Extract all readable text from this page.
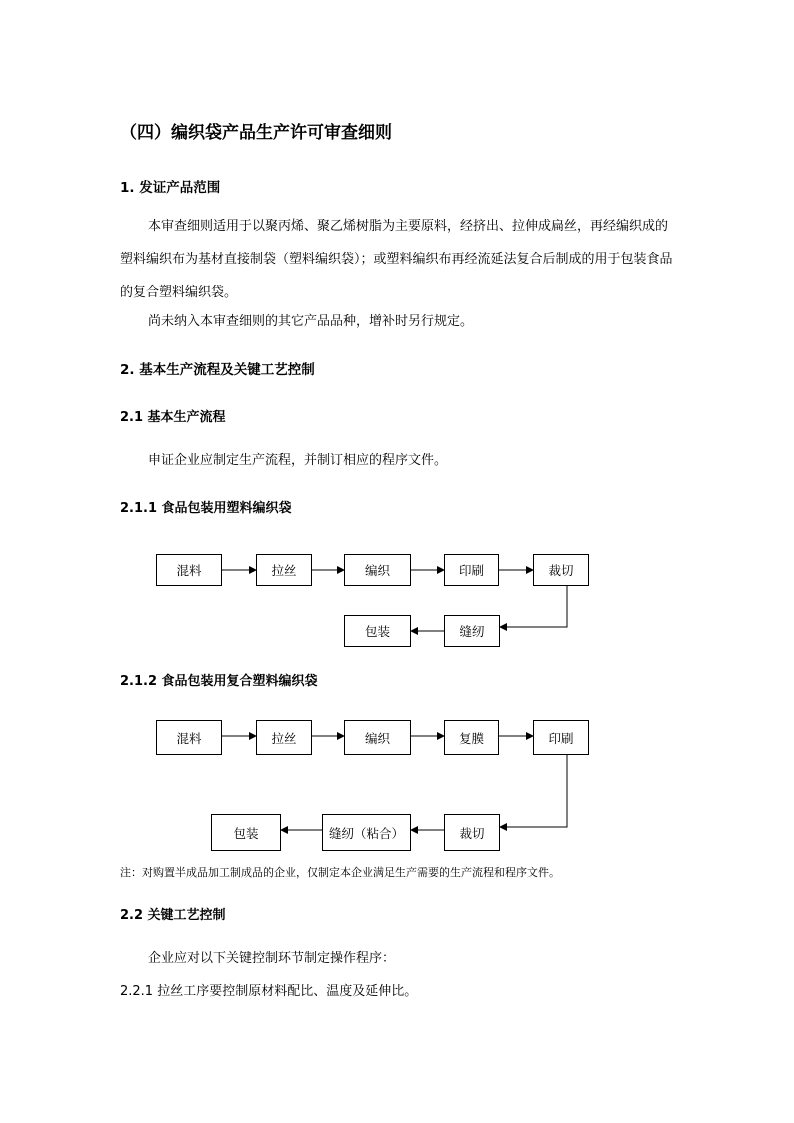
（四）编织袋产品生产许可审查细则
1. 发证产品范围
本审查细则适用于以聚丙烯、聚乙烯树脂为主要原料，经挤出、拉伸成扁丝，再经编织成的塑料编织布为基材直接制袋（塑料编织袋）；或塑料编织布再经流延法复合后制成的用于包装食品的复合塑料编织袋。
尚未纳入本审查细则的其它产品品种，增补时另行规定。
2. 基本生产流程及关键工艺控制
2.1 基本生产流程
申证企业应制定生产流程，并制订相应的程序文件。
2.1.1 食品包装用塑料编织袋
混料	拉丝	编织	印刷	裁切
缝纫
包装
2.1.2 食品包装用复合塑料编织袋
混料	拉丝	编织	复膜	印刷
裁切
缝纫（粘合）
包装
注：对购置半成品加工制成品的企业，仅制定本企业满足生产需要的生产流程和程序文件。
2.2 关键工艺控制
企业应对以下关键控制环节制定操作程序：
2.2.1 拉丝工序要控制原材料配比、温度及延伸比。
